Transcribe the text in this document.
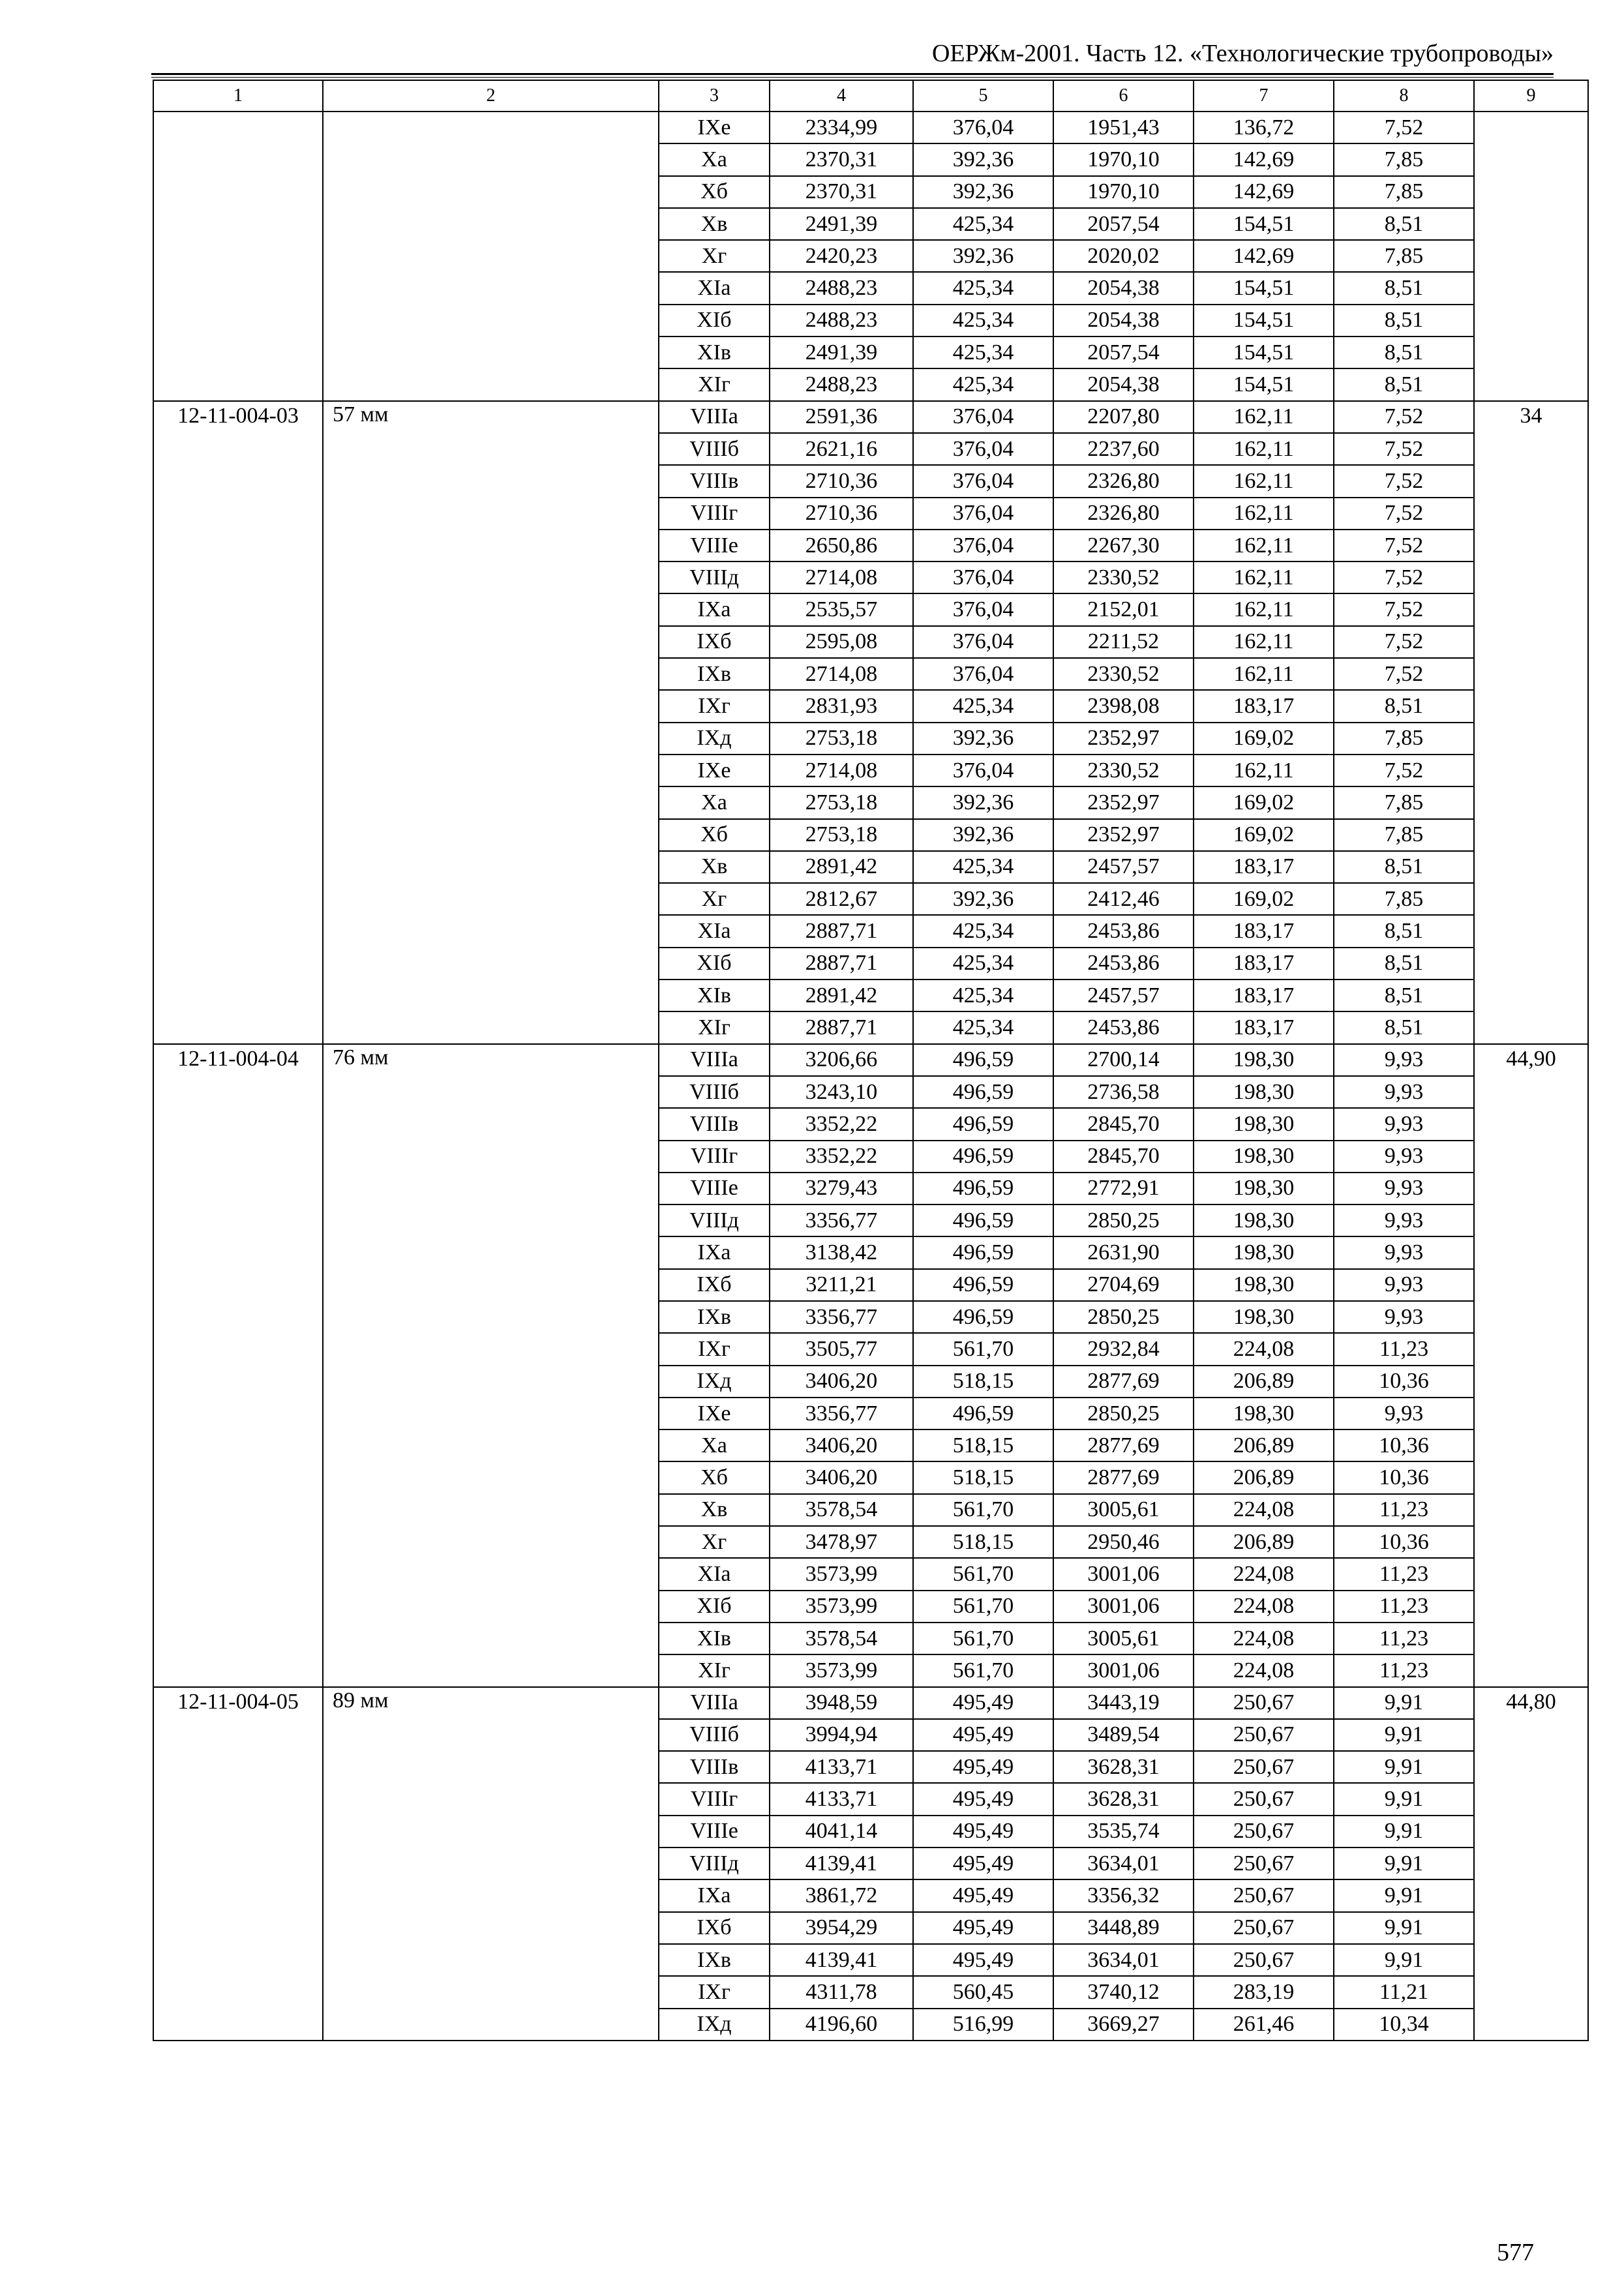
ОЕРЖм-2001. Часть 12. «Технологические трубопроводы»
1	2	3	4	5	6	7	8	9
		IXе	2334,99	376,04	1951,43	136,72	7,52	
		Xа	2370,31	392,36	1970,10	142,69	7,85	
		Xб	2370,31	392,36	1970,10	142,69	7,85	
		Xв	2491,39	425,34	2057,54	154,51	8,51	
		Xг	2420,23	392,36	2020,02	142,69	7,85	
		XIа	2488,23	425,34	2054,38	154,51	8,51	
		XIб	2488,23	425,34	2054,38	154,51	8,51	
		XIв	2491,39	425,34	2057,54	154,51	8,51	
		XIг	2488,23	425,34	2054,38	154,51	8,51	
12-11-004-03	57 мм	VIIIа	2591,36	376,04	2207,80	162,11	7,52	34
		VIIIб	2621,16	376,04	2237,60	162,11	7,52	
		VIIIв	2710,36	376,04	2326,80	162,11	7,52	
		VIIIг	2710,36	376,04	2326,80	162,11	7,52	
		VIIIе	2650,86	376,04	2267,30	162,11	7,52	
		VIIIд	2714,08	376,04	2330,52	162,11	7,52	
		IXа	2535,57	376,04	2152,01	162,11	7,52	
		IXб	2595,08	376,04	2211,52	162,11	7,52	
		IXв	2714,08	376,04	2330,52	162,11	7,52	
		IXг	2831,93	425,34	2398,08	183,17	8,51	
		IXд	2753,18	392,36	2352,97	169,02	7,85	
		IXе	2714,08	376,04	2330,52	162,11	7,52	
		Xа	2753,18	392,36	2352,97	169,02	7,85	
		Xб	2753,18	392,36	2352,97	169,02	7,85	
		Xв	2891,42	425,34	2457,57	183,17	8,51	
		Xг	2812,67	392,36	2412,46	169,02	7,85	
		XIа	2887,71	425,34	2453,86	183,17	8,51	
		XIб	2887,71	425,34	2453,86	183,17	8,51	
		XIв	2891,42	425,34	2457,57	183,17	8,51	
		XIг	2887,71	425,34	2453,86	183,17	8,51	
12-11-004-04	76 мм	VIIIа	3206,66	496,59	2700,14	198,30	9,93	44,90
		VIIIб	3243,10	496,59	2736,58	198,30	9,93	
		VIIIв	3352,22	496,59	2845,70	198,30	9,93	
		VIIIг	3352,22	496,59	2845,70	198,30	9,93	
		VIIIе	3279,43	496,59	2772,91	198,30	9,93	
		VIIIд	3356,77	496,59	2850,25	198,30	9,93	
		IXа	3138,42	496,59	2631,90	198,30	9,93	
		IXб	3211,21	496,59	2704,69	198,30	9,93	
		IXв	3356,77	496,59	2850,25	198,30	9,93	
		IXг	3505,77	561,70	2932,84	224,08	11,23	
		IXд	3406,20	518,15	2877,69	206,89	10,36	
		IXе	3356,77	496,59	2850,25	198,30	9,93	
		Xа	3406,20	518,15	2877,69	206,89	10,36	
		Xб	3406,20	518,15	2877,69	206,89	10,36	
		Xв	3578,54	561,70	3005,61	224,08	11,23	
		Xг	3478,97	518,15	2950,46	206,89	10,36	
		XIа	3573,99	561,70	3001,06	224,08	11,23	
		XIб	3573,99	561,70	3001,06	224,08	11,23	
		XIв	3578,54	561,70	3005,61	224,08	11,23	
		XIг	3573,99	561,70	3001,06	224,08	11,23	
12-11-004-05	89 мм	VIIIа	3948,59	495,49	3443,19	250,67	9,91	44,80
		VIIIб	3994,94	495,49	3489,54	250,67	9,91	
		VIIIв	4133,71	495,49	3628,31	250,67	9,91	
		VIIIг	4133,71	495,49	3628,31	250,67	9,91	
		VIIIе	4041,14	495,49	3535,74	250,67	9,91	
		VIIIд	4139,41	495,49	3634,01	250,67	9,91	
		IXа	3861,72	495,49	3356,32	250,67	9,91	
		IXб	3954,29	495,49	3448,89	250,67	9,91	
		IXв	4139,41	495,49	3634,01	250,67	9,91	
		IXг	4311,78	560,45	3740,12	283,19	11,21	
		IXд	4196,60	516,99	3669,27	261,46	10,34	
577
